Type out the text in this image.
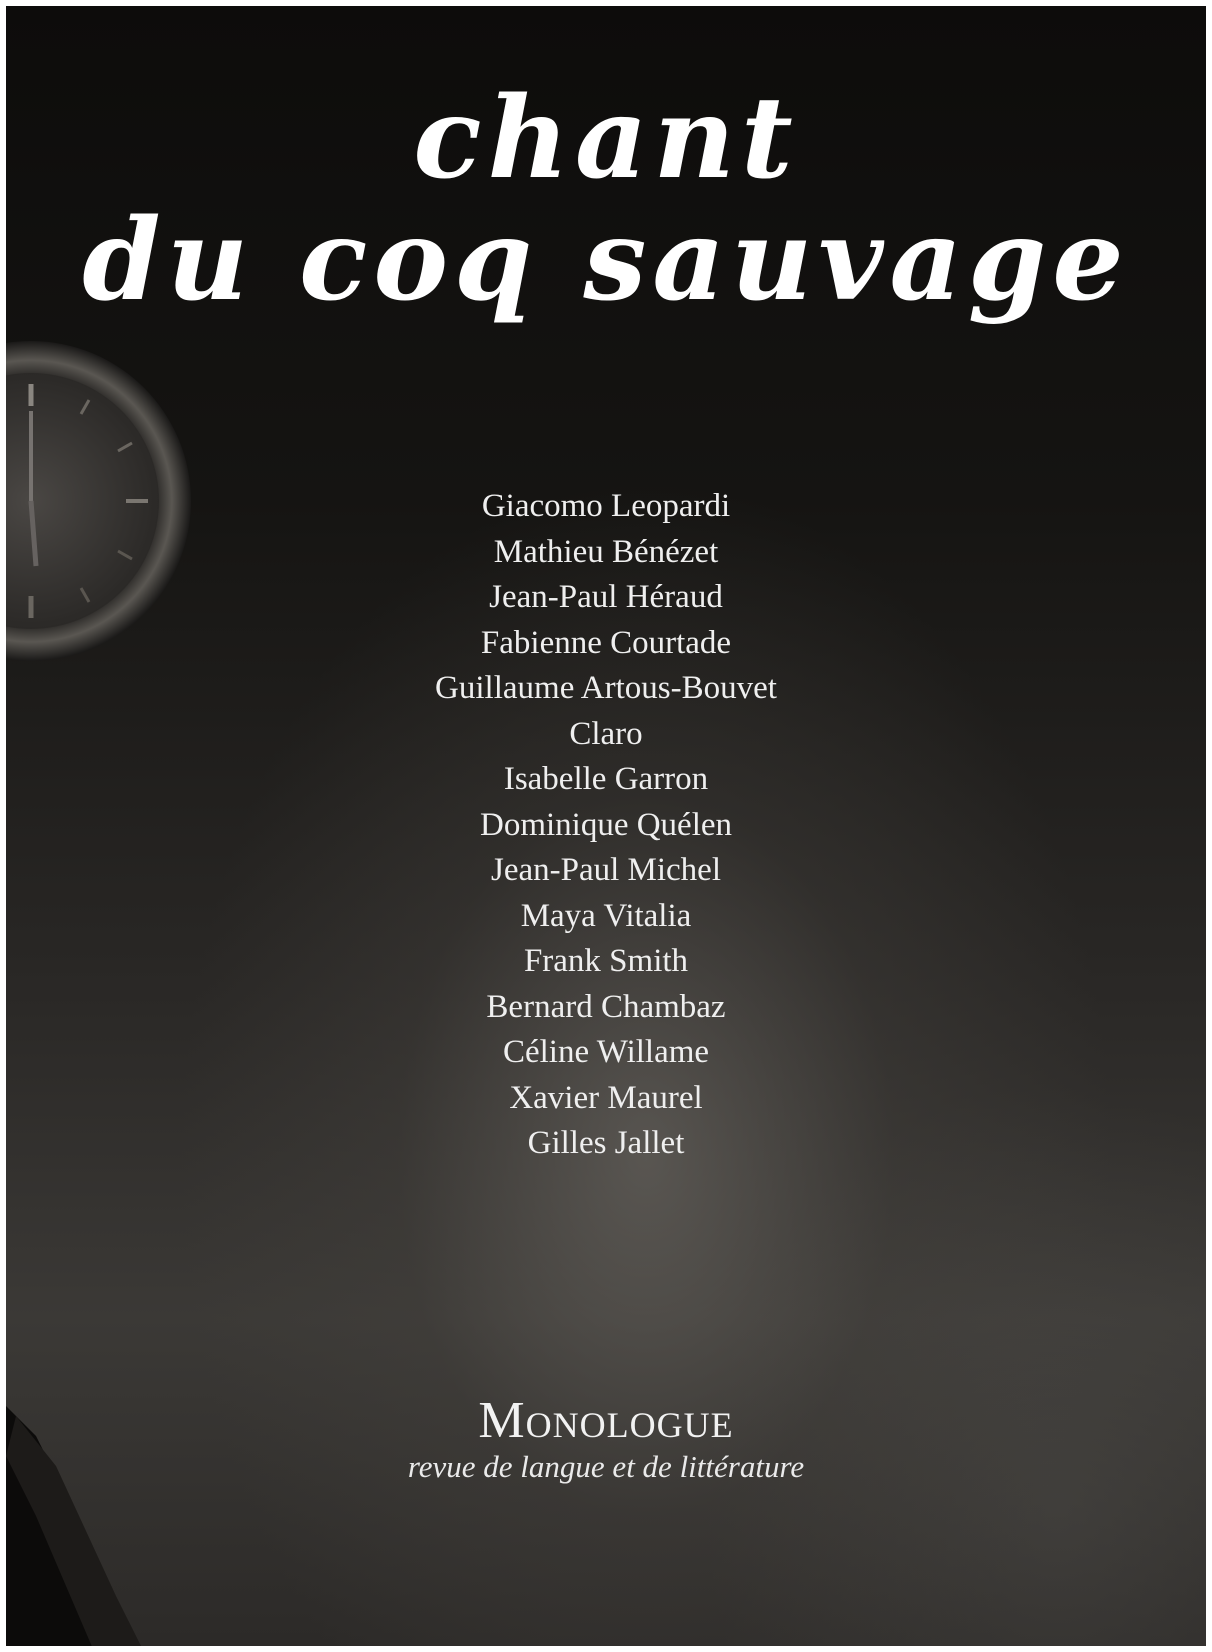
chant
du coq sauvage
Giacomo Leopardi
Mathieu Bénézet
Jean-Paul Héraud
Fabienne Courtade
Guillaume Artous-Bouvet
Claro
Isabelle Garron
Dominique Quélen
Jean-Paul Michel
Maya Vitalia
Frank Smith
Bernard Chambaz
Céline Willame
Xavier Maurel
Gilles Jallet
Monologue
revue de langue et de littérature
